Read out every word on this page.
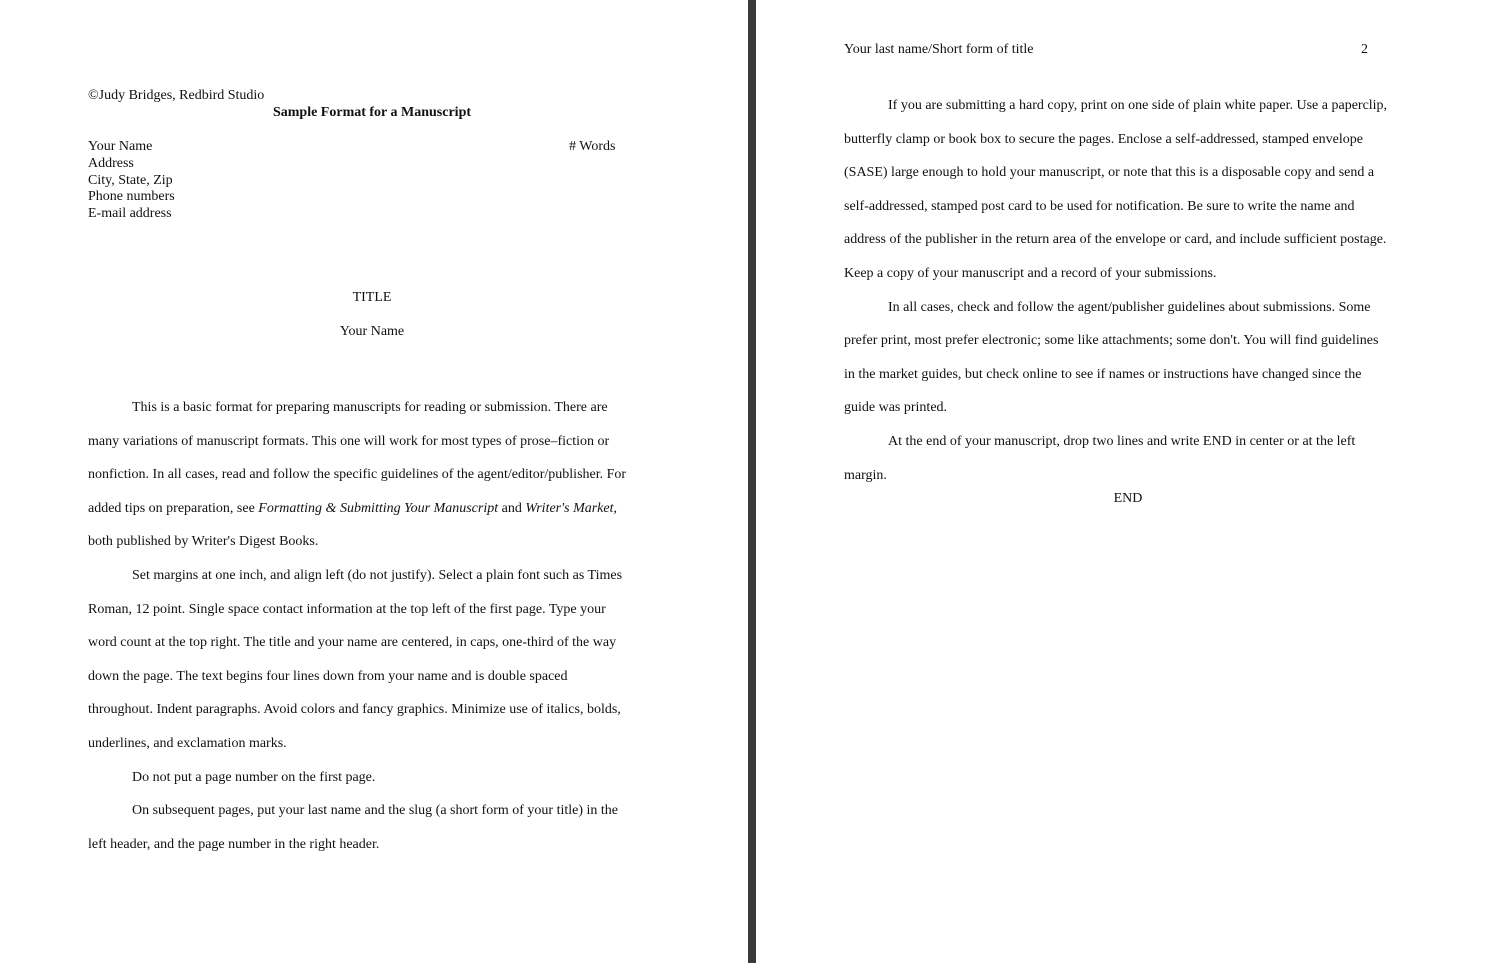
©Judy Bridges, Redbird Studio
Sample Format for a Manuscript
Your Name
Address
City, State, Zip
Phone numbers
E-mail address
# Words
TITLE
Your Name
This is a basic format for preparing manuscripts for reading or submission. There are
many variations of manuscript formats. This one will work for most types of prose–fiction or
nonfiction. In all cases, read and follow the specific guidelines of the agent/editor/publisher. For
added tips on preparation, see Formatting & Submitting Your Manuscript and Writer's Market,
both published by Writer's Digest Books.
Set margins at one inch, and align left (do not justify). Select a plain font such as Times
Roman, 12 point. Single space contact information at the top left of the first page. Type your
word count at the top right. The title and your name are centered, in caps, one-third of the way
down the page. The text begins four lines down from your name and is double spaced
throughout. Indent paragraphs. Avoid colors and fancy graphics. Minimize use of italics, bolds,
underlines, and exclamation marks.
Do not put a page number on the first page.
On subsequent pages, put your last name and the slug (a short form of your title) in the
left header, and the page number in the right header.
Your last name/Short form of title	2
If you are submitting a hard copy, print on one side of plain white paper. Use a paperclip,
butterfly clamp or book box to secure the pages. Enclose a self-addressed, stamped envelope
(SASE) large enough to hold your manuscript, or note that this is a disposable copy and send a
self-addressed, stamped post card to be used for notification. Be sure to write the name and
address of the publisher in the return area of the envelope or card, and include sufficient postage.
Keep a copy of your manuscript and a record of your submissions.
In all cases, check and follow the agent/publisher guidelines about submissions. Some
prefer print, most prefer electronic; some like attachments; some don't. You will find guidelines
in the market guides, but check online to see if names or instructions have changed since the
guide was printed.
At the end of your manuscript, drop two lines and write END in center or at the left
margin.
END
